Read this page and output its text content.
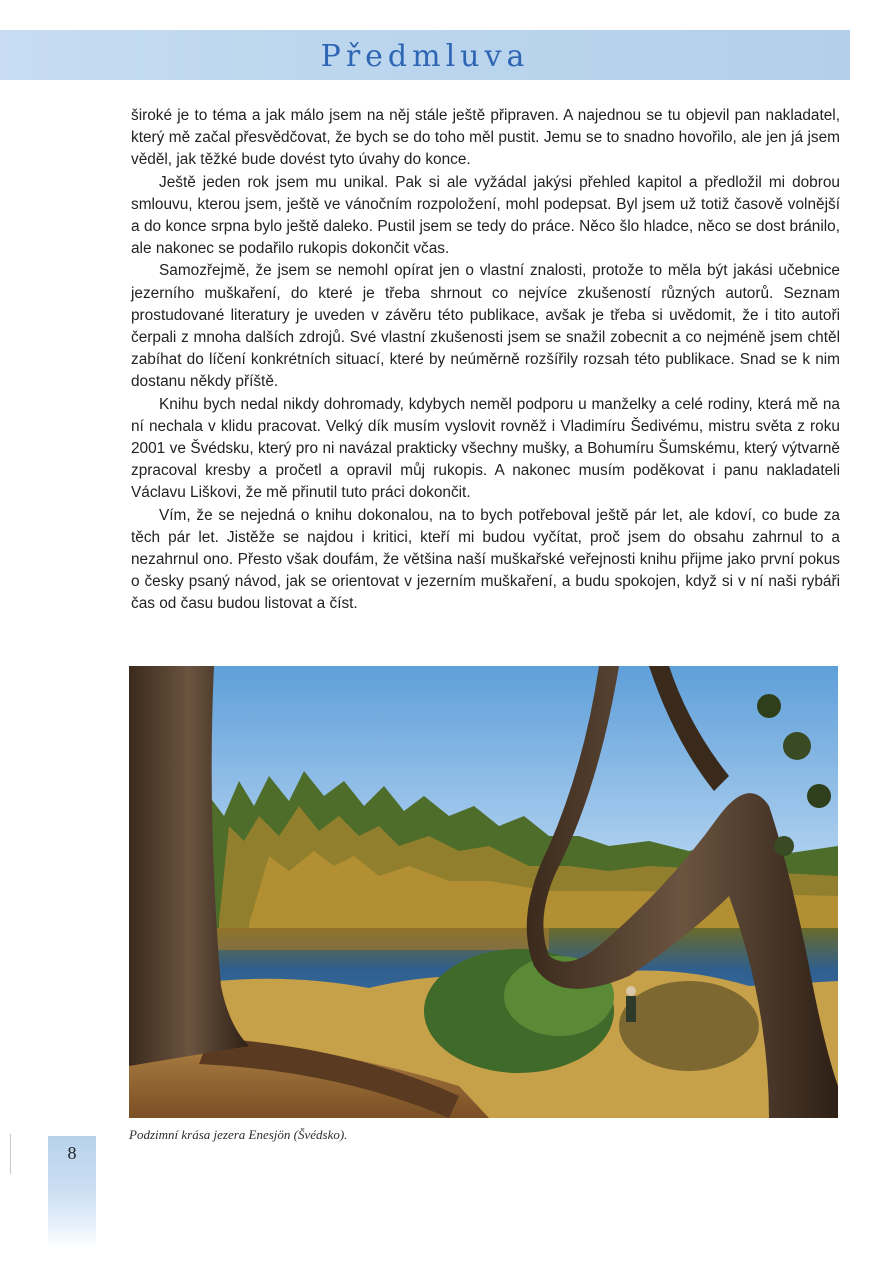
Předmluva

široké je to téma a jak málo jsem na něj stále ještě připraven. A najednou se tu objevil pan nakladatel, který mě začal přesvědčovat, že bych se do toho měl pustit. Jemu se to snadno hovořilo, ale jen já jsem věděl, jak těžké bude dovést tyto úvahy do konce.

Ještě jeden rok jsem mu unikal. Pak si ale vyžádal jakýsi přehled kapitol a předložil mi dobrou smlouvu, kterou jsem, ještě ve vánočním rozpoložení, mohl podepsat. Byl jsem už totiž časově volnější a do konce srpna bylo ještě daleko. Pustil jsem se tedy do práce. Něco šlo hladce, něco se dost bránilo, ale nakonec se podařilo rukopis dokončit včas.

Samozřejmě, že jsem se nemohl opírat jen o vlastní znalosti, protože to měla být jakási učebnice jezerního muškaření, do které je třeba shrnout co nejvíce zkušeností různých autorů. Seznam prostudované literatury je uveden v závěru této publikace, avšak je třeba si uvědomit, že i tito autoři čerpali z mnoha dalších zdrojů. Své vlastní zkušenosti jsem se snažil zobecnit a co nejméně jsem chtěl zabíhat do líčení konkrétních situací, které by neúměrně rozšířily rozsah této publikace. Snad se k nim dostanu někdy příště.

Knihu bych nedal nikdy dohromady, kdybych neměl podporu u manželky a celé rodiny, která mě na ní nechala v klidu pracovat. Velký dík musím vyslovit rovněž i Vladimíru Šedivému, mistru světa z roku 2001 ve Švédsku, který pro ni navázal prakticky všechny mušky, a Bohumíru Šumskému, který výtvarně zpracoval kresby a pročetl a opravil můj rukopis. A nakonec musím poděkovat i panu nakladateli Václavu Liškovi, že mě přinutil tuto práci dokončit.

Vím, že se nejedná o knihu dokonalou, na to bych potřeboval ještě pár let, ale kdoví, co bude za těch pár let. Jistěže se najdou i kritici, kteří mi budou vyčítat, proč jsem do obsahu zahrnul to a nezahrnul ono. Přesto však doufám, že většina naší muškařské veřejnosti knihu přijme jako první pokus o česky psaný návod, jak se orientovat v jezerním muškaření, a budu spokojen, když si v ní naši rybáři čas od času budou listovat a číst.

Podzimní krása jezera Enesjön (Švédsko).
8
